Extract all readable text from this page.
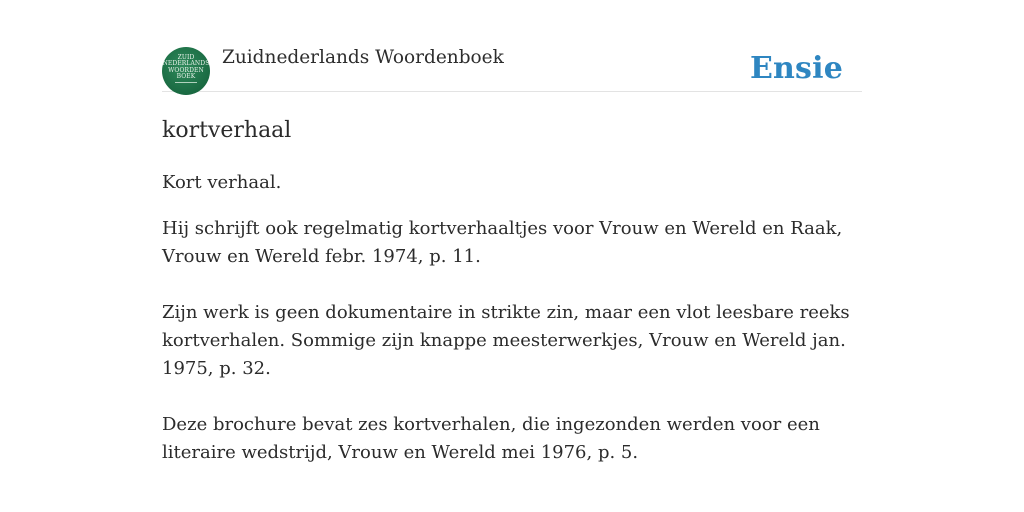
ZUID
NEDERLANDS
WOORDEN
BOEK
Zuidnederlands Woordenboek	Ensie
kortverhaal

Kort verhaal.

Hij schrijft ook regelmatig kortverhaaltjes voor Vrouw en Wereld en Raak, Vrouw en Wereld febr. 1974, p. 11.

Zijn werk is geen dokumentaire in strikte zin, maar een vlot leesbare reeks kortverhalen. Sommige zijn knappe meesterwerkjes, Vrouw en Wereld jan. 1975, p. 32.

Deze brochure bevat zes kortverhalen, die ingezonden werden voor een literaire wedstrijd, Vrouw en Wereld mei 1976, p. 5.
